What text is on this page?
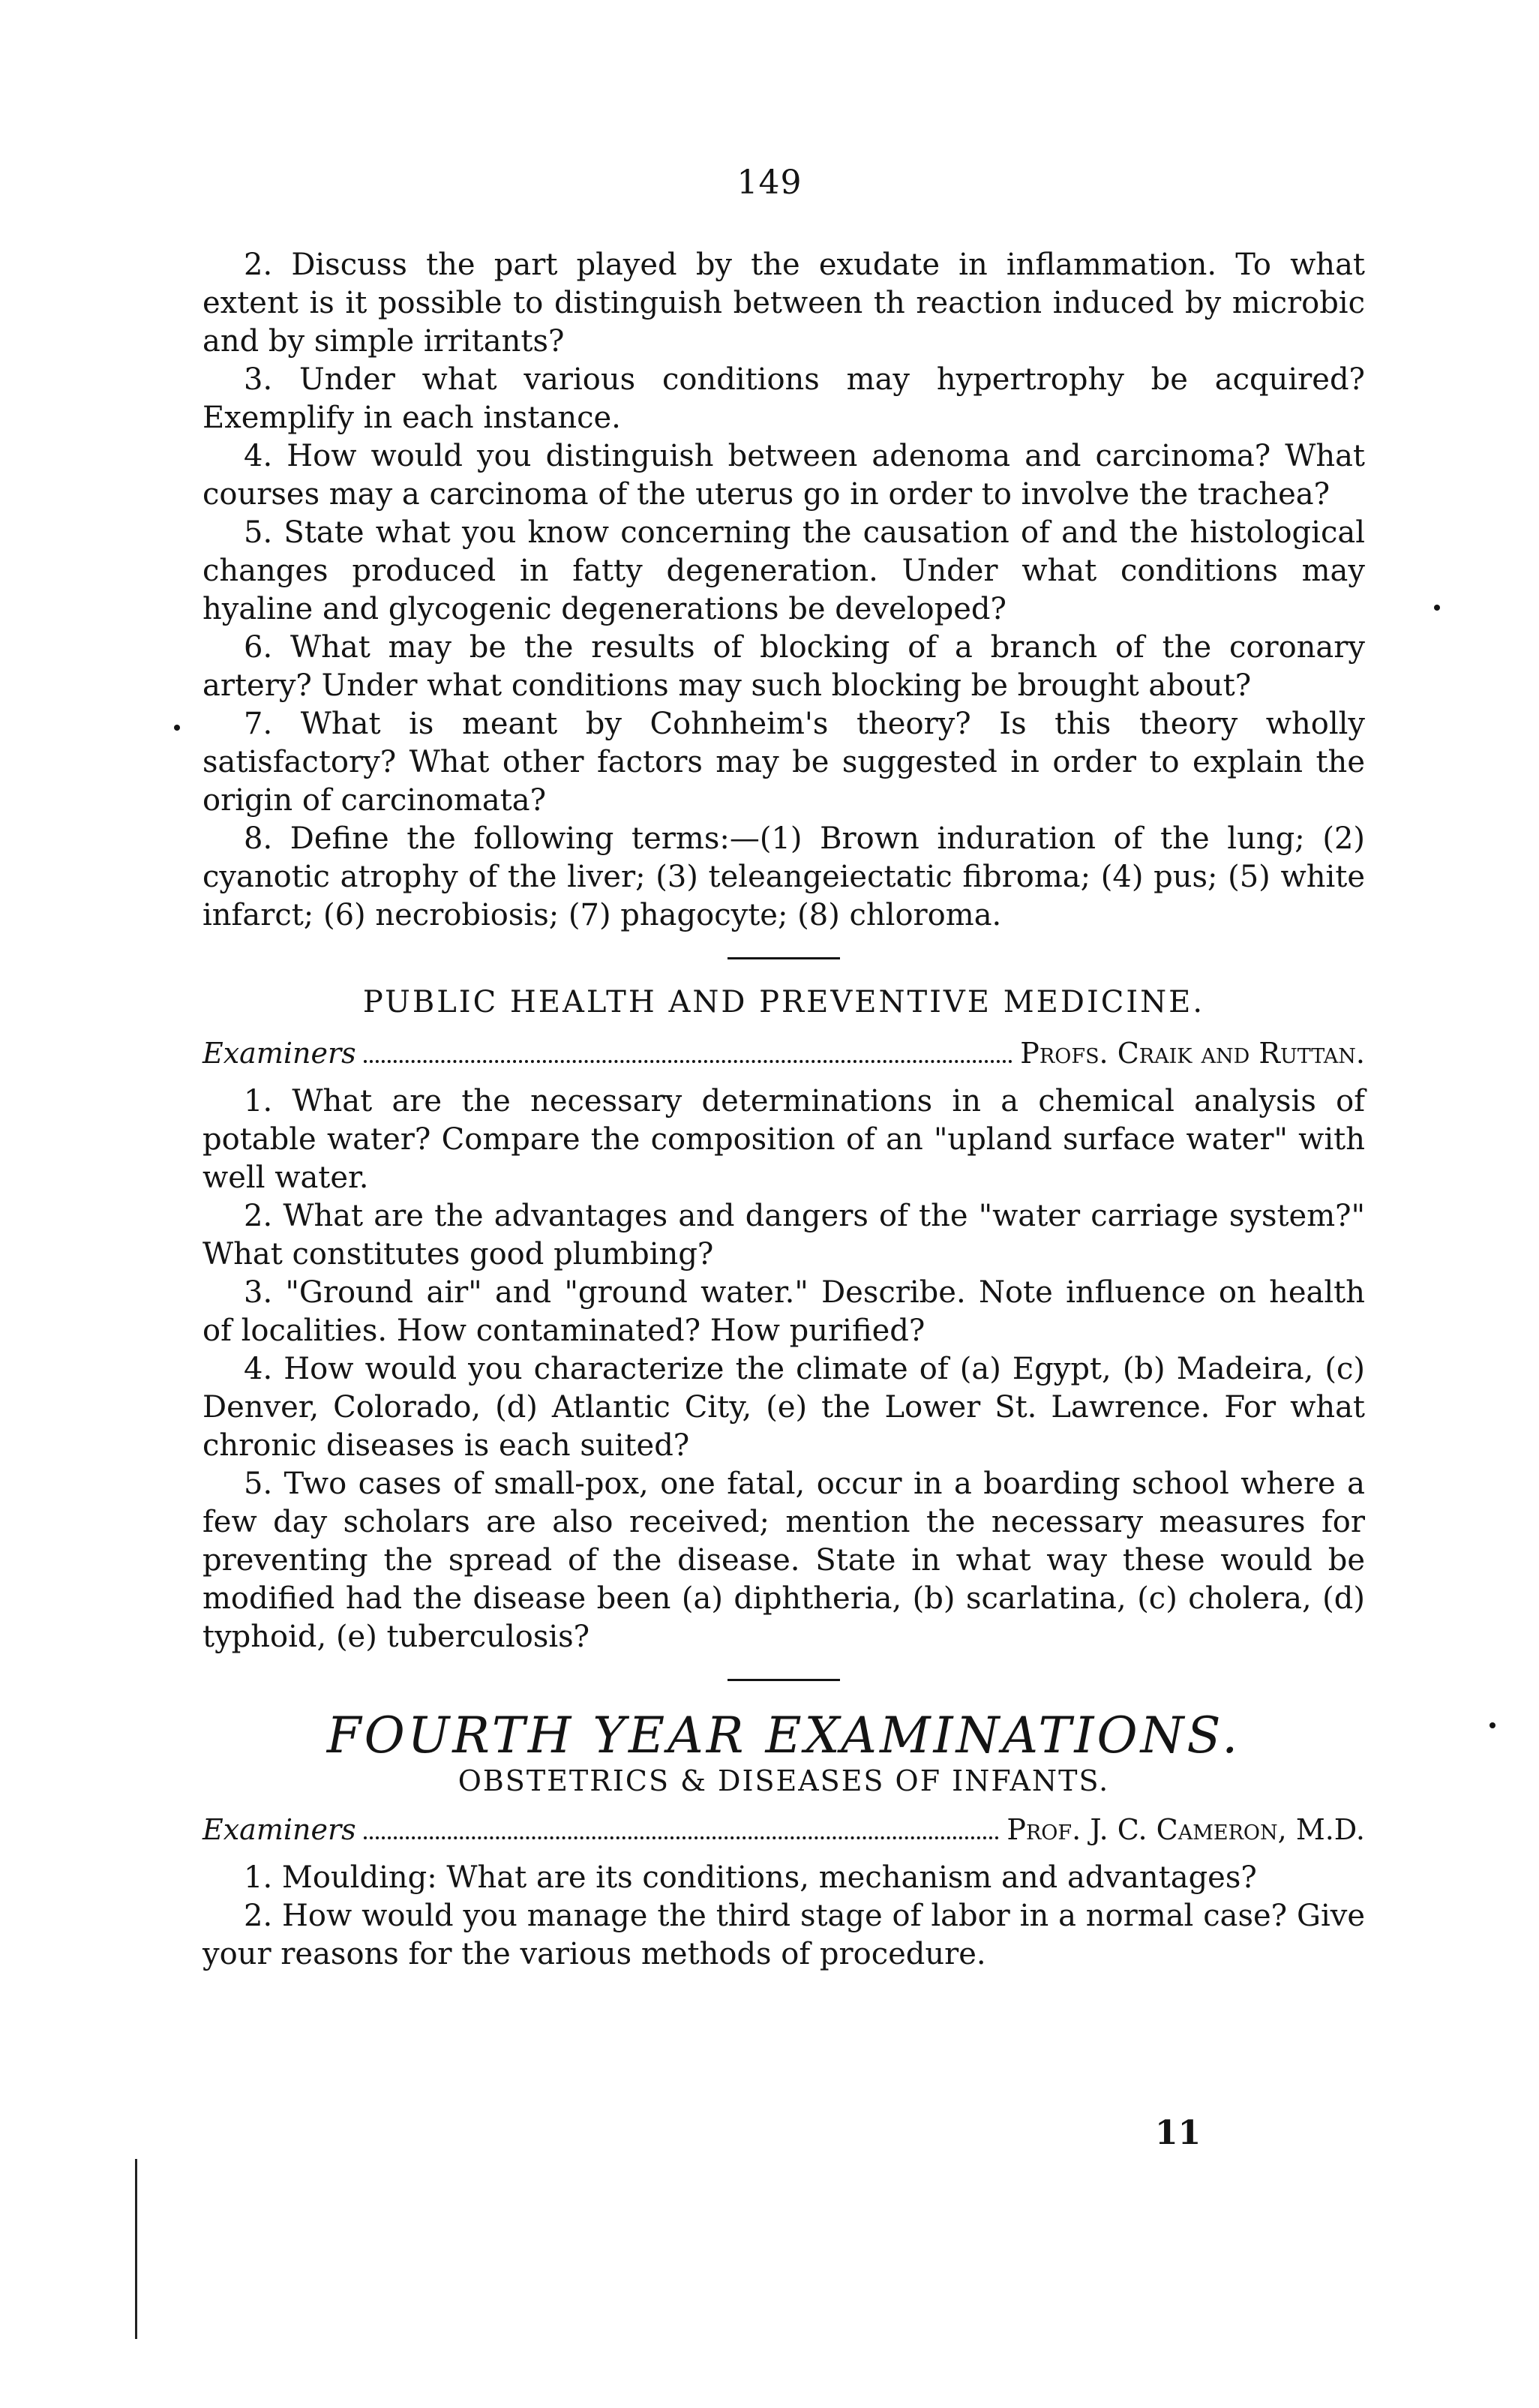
149

2. Discuss the part played by the exudate in inflammation. To what extent is it possible to distinguish between th reaction induced by microbic and by simple irritants?

3. Under what various conditions may hypertrophy be acquired? Exemplify in each instance.

4. How would you distinguish between adenoma and carcinoma? What courses may a carcinoma of the uterus go in order to involve the trachea?

5. State what you know concerning the causation of and the histological changes produced in fatty degeneration. Under what conditions may hyaline and glycogenic degenerations be developed?

6. What may be the results of blocking of a branch of the coronary artery? Under what conditions may such blocking be brought about?

7. What is meant by Cohnheim's theory? Is this theory wholly satisfactory? What other factors may be suggested in order to explain the origin of carcinomata?

8. Define the following terms:—(1) Brown induration of the lung; (2) cyanotic atrophy of the liver; (3) teleangeiectatic fibroma; (4) pus; (5) white infarct; (6) necrobiosis; (7) phagocyte; (8) chloroma.

PUBLIC HEALTH AND PREVENTIVE MEDICINE.
Examiners	Profs. Craik and Ruttan.

1. What are the necessary determinations in a chemical analysis of potable water? Compare the composition of an "upland surface water" with well water.

2. What are the advantages and dangers of the "water carriage system?" What constitutes good plumbing?

3. "Ground air" and "ground water." Describe. Note influence on health of localities. How contaminated? How purified?

4. How would you characterize the climate of (a) Egypt, (b) Madeira, (c) Denver, Colorado, (d) Atlantic City, (e) the Lower St. Lawrence. For what chronic diseases is each suited?

5. Two cases of small-pox, one fatal, occur in a boarding school where a few day scholars are also received; mention the necessary measures for preventing the spread of the disease. State in what way these would be modified had the disease been (a) diphtheria, (b) scarlatina, (c) cholera, (d) typhoid, (e) tuberculosis?

FOURTH YEAR EXAMINATIONS.
OBSTETRICS & DISEASES OF INFANTS.
Examiners	Prof. J. C. Cameron, M.D.

1. Moulding: What are its conditions, mechanism and advantages?

2. How would you manage the third stage of labor in a normal case? Give your reasons for the various methods of procedure.

11
